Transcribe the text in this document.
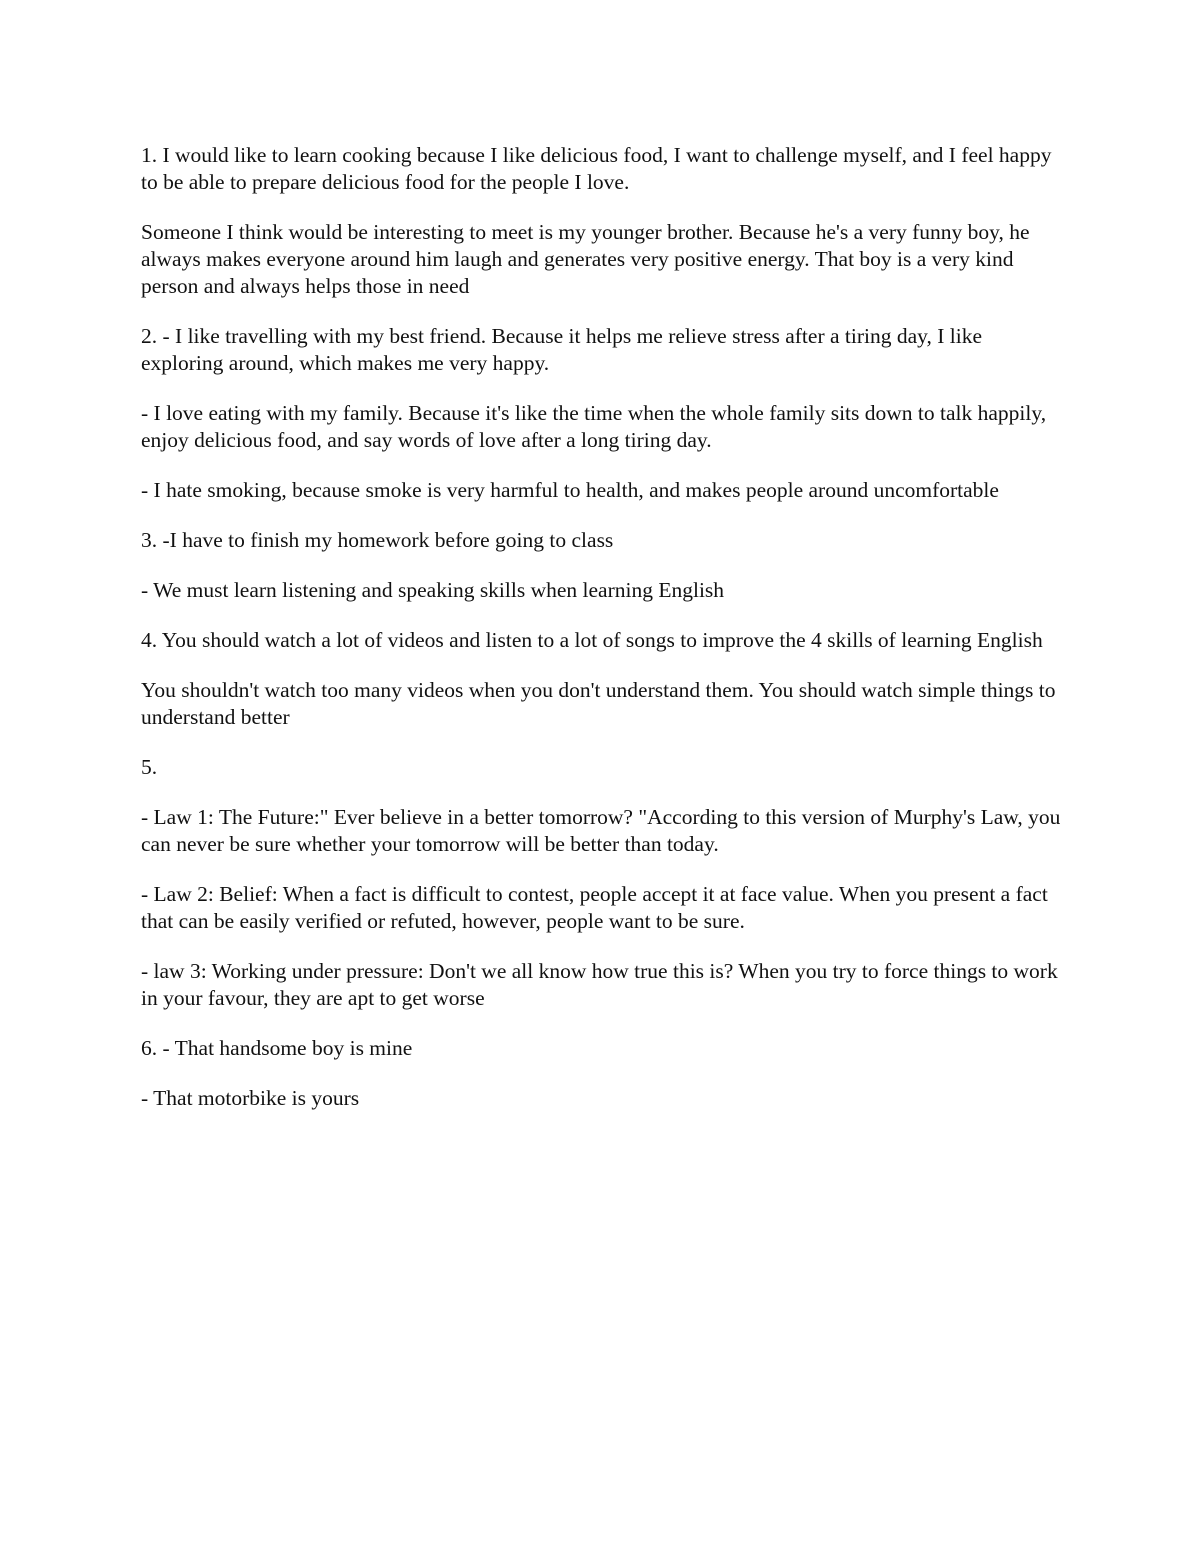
1. I would like to learn cooking because I like delicious food, I want to challenge myself, and I feel happy to be able to prepare delicious food for the people I love.

Someone I think would be interesting to meet is my younger brother. Because he's a very funny boy, he always makes everyone around him laugh and generates very positive energy. That boy is a very kind person and always helps those in need

2. - I like travelling with my best friend. Because it helps me relieve stress after a tiring day, I like exploring around, which makes me very happy.

- I love eating with my family. Because it's like the time when the whole family sits down to talk happily, enjoy delicious food, and say words of love after a long tiring day.

- I hate smoking, because smoke is very harmful to health, and makes people around uncomfortable

3. -I have to finish my homework before going to class

- We must learn listening and speaking skills when learning English

4. You should watch a lot of videos and listen to a lot of songs to improve the 4 skills of learning English

You shouldn't watch too many videos when you don't understand them. You should watch simple things to understand better

5.

- Law 1: The Future:" Ever believe in a better tomorrow? "According to this version of Murphy's Law, you can never be sure whether your tomorrow will be better than today.

- Law 2: Belief: When a fact is difficult to contest, people accept it at face value. When you present a fact that can be easily verified or refuted, however, people want to be sure.

- law 3: Working under pressure: Don't we all know how true this is? When you try to force things to work in your favour, they are apt to get worse

6. - That handsome boy is mine

- That motorbike is yours
